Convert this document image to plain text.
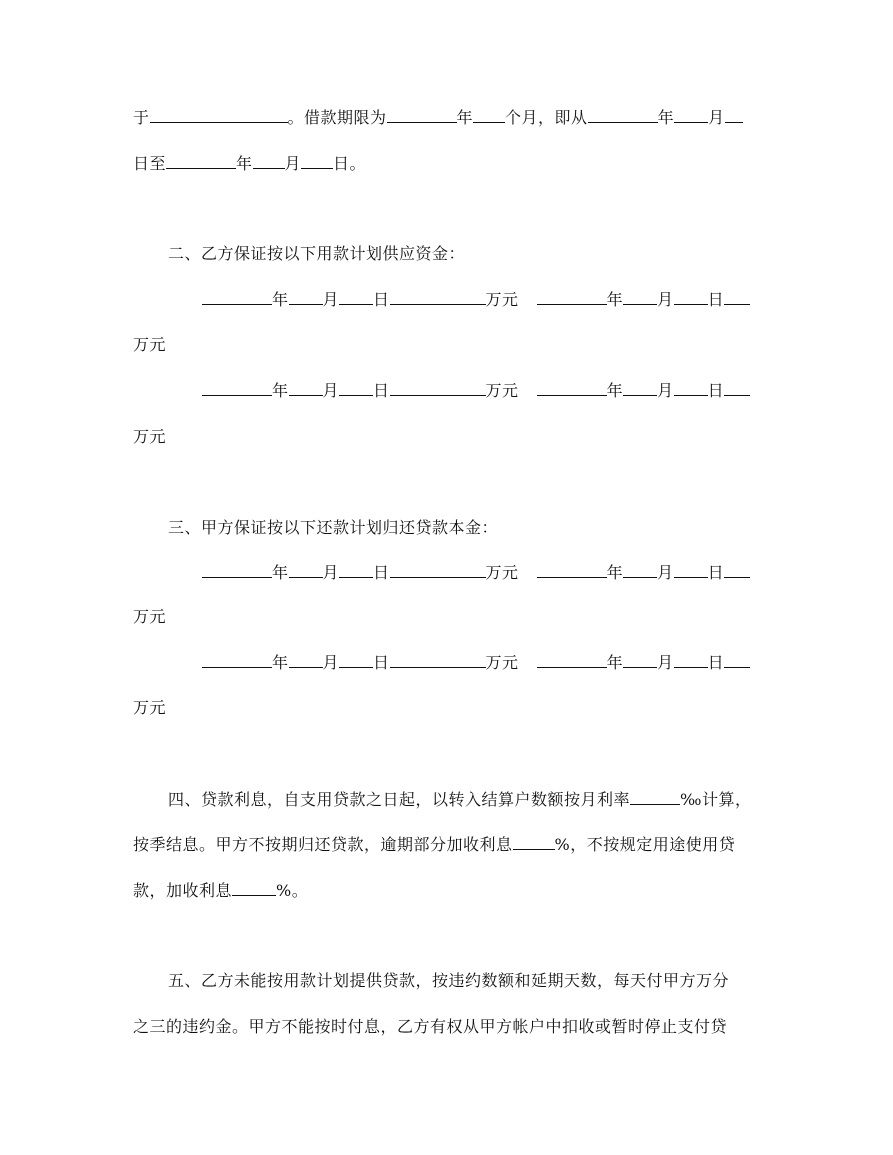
于	。借款期限为	年 个月，即从	年 月
日至	年 月 日。
二、乙方保证按以下用款计划供应资金：
年 月 日	万元	年 月 日
万元
年 月 日	万元	年 月 日
万元
三、甲方保证按以下还款计划归还贷款本金：
年 月 日	万元	年 月 日
万元
年 月 日	万元	年 月 日
万元
四、贷款利息，自支用贷款之日起，以转入结算户数额按月利率	‰计算，
按季结息。甲方不按期归还贷款，逾期部分加收利息	%，不按规定用途使用贷
款，加收利息	%。
五、乙方未能按用款计划提供贷款，按违约数额和延期天数，每天付甲方万分
之三的违约金。甲方不能按时付息，乙方有权从甲方帐户中扣收或暂时停止支付贷
